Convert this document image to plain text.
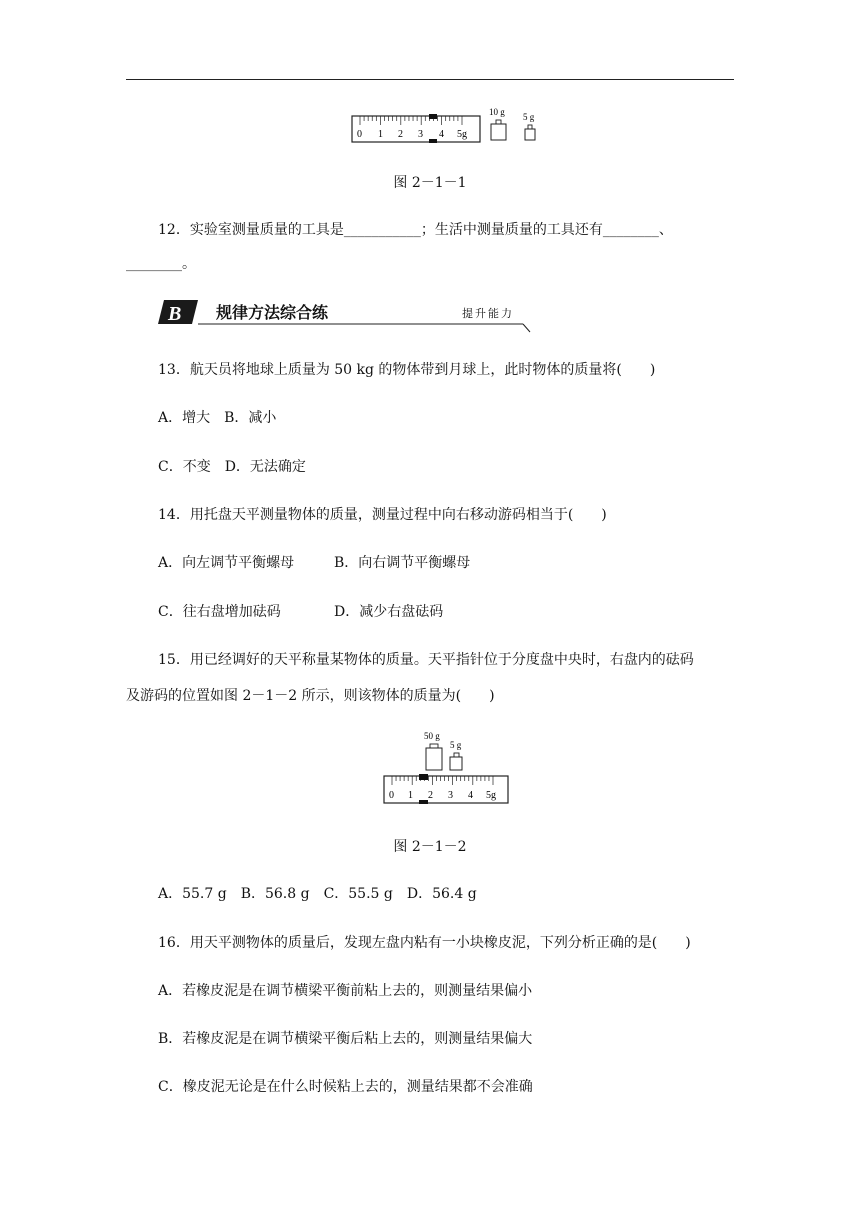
0 1 2 3 4 5g
10 g 5 g
图 2－1－1
12．实验室测量质量的工具是___________；生活中测量质量的工具还有________、
________。
B 规律方法综合练	提升能力
13．航天员将地球上质量为 50 kg 的物体带到月球上，此时物体的质量将(　　)
A．增大　B．减小
C．不变　D．无法确定
14．用托盘天平测量物体的质量，测量过程中向右移动游码相当于(　　)
A．向左调节平衡螺母	B．向右调节平衡螺母
C．往右盘增加砝码	D．减少右盘砝码
15．用已经调好的天平称量某物体的质量。天平指针位于分度盘中央时，右盘内的砝码
及游码的位置如图 2－1－2 所示，则该物体的质量为(　　)
50 g
5 g
0 1 2 3 4 5g
图 2－1－2
A．55.7 g　B．56.8 g　C．55.5 g　D．56.4 g
16．用天平测物体的质量后，发现左盘内粘有一小块橡皮泥，下列分析正确的是(　　)
A．若橡皮泥是在调节横梁平衡前粘上去的，则测量结果偏小
B．若橡皮泥是在调节横梁平衡后粘上去的，则测量结果偏大
C．橡皮泥无论是在什么时候粘上去的，测量结果都不会准确
